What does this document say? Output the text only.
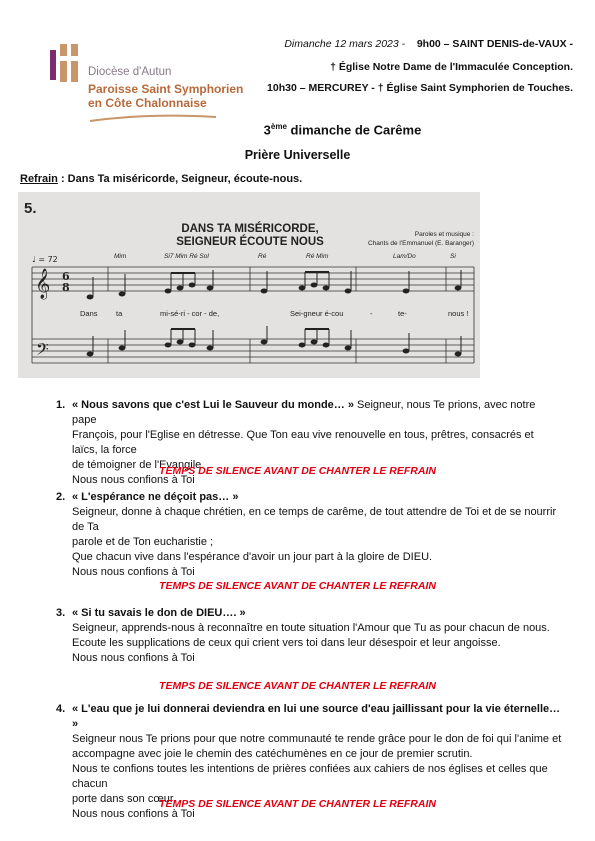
Diocèse d'Autun
Paroisse Saint Symphorien
en Côte Chalonnaise
Dimanche 12 mars 2023 - 9h00 – SAINT DENIS-de-VAUX -
† Église Notre Dame de l'Immaculée Conception.
10h30 – MERCUREY - † Église Saint Symphorien de Touches.
3ème dimanche de Carême
Prière Universelle
Refrain : Dans Ta miséricorde, Seigneur, écoute-nous.
5.
DANS TA MISÉRICORDE,
SEIGNEUR ÉCOUTE NOUS
Paroles et musique :
Chants de l'Emmanuel (E. Baranger)
♩ = 72	Mim	Si7 Mim Ré Sol	Ré	Ré Mim	Lam/Do	Si
𝄞 6
8
Dans ta	mi-sé-ri - cor - de,	Sei-gneur é-cou	-	te-	nous !
𝄢
1. « Nous savons que c'est Lui le Sauveur du monde… » Seigneur, nous Te prions, avec notre pape
François, pour l'Eglise en détresse. Que Ton eau vive renouvelle en tous, prêtres, consacrés et laïcs, la force
de témoigner de l'Evangile.
Nous nous confions à Toi
TEMPS DE SILENCE AVANT DE CHANTER LE REFRAIN
2. « L'espérance ne déçoit pas… »
Seigneur, donne à chaque chrétien, en ce temps de carême, de tout attendre de Toi et de se nourrir de Ta
parole et de Ton eucharistie ;
Que chacun vive dans l'espérance d'avoir un jour part à la gloire de DIEU.
Nous nous confions à Toi
TEMPS DE SILENCE AVANT DE CHANTER LE REFRAIN
3. « Si tu savais le don de DIEU…. »
Seigneur, apprends-nous à reconnaître en toute situation l'Amour que Tu as pour chacun de nous.
Ecoute les supplications de ceux qui crient vers toi dans leur désespoir et leur angoisse.
Nous nous confions à Toi
TEMPS DE SILENCE AVANT DE CHANTER LE REFRAIN
4. « L'eau que je lui donnerai deviendra en lui une source d'eau jaillissant pour la vie éternelle… »
Seigneur nous Te prions pour que notre communauté te rende grâce pour le don de foi qui l'anime et
accompagne avec joie le chemin des catéchumènes en ce jour de premier scrutin.
Nous te confions toutes les intentions de prières confiées aux cahiers de nos églises et celles que chacun
porte dans son cœur.
Nous nous confions à Toi
TEMPS DE SILENCE AVANT DE CHANTER LE REFRAIN
